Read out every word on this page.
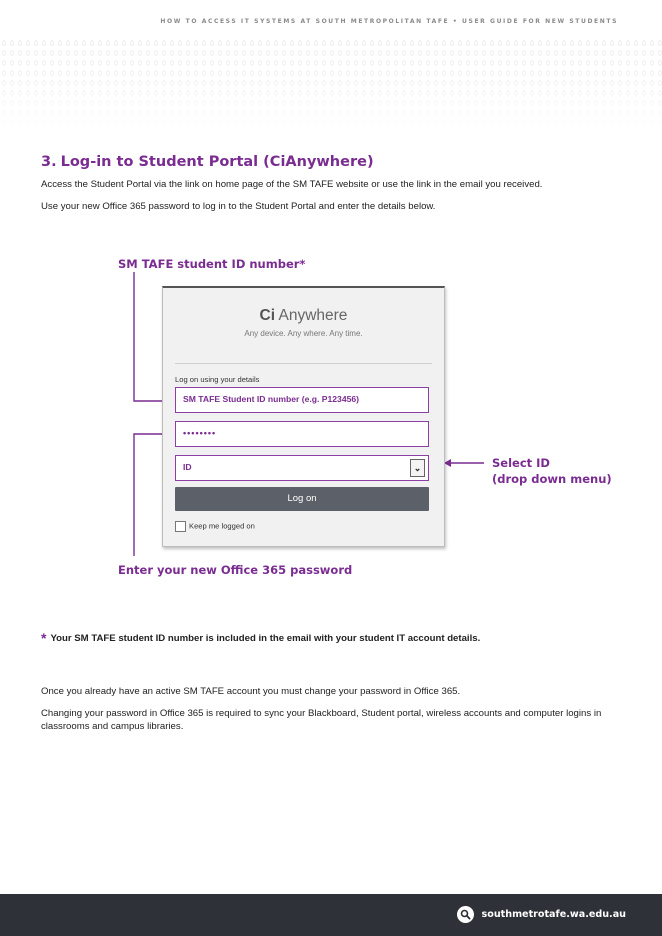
HOW TO ACCESS IT SYSTEMS AT SOUTH METROPOLITAN TAFE • USER GUIDE FOR NEW STUDENTS
3. Log-in to Student Portal (CiAnywhere)

Access the Student Portal via the link on home page of the SM TAFE website or use the link in the email you received.

Use your new Office 365 password to log in to the Student Portal and enter the details below.

SM TAFE student ID number*
Ci Anywhere
Any device. Any where. Any time.
Log on using your details
SM TAFE Student ID number (e.g. P123456)
••••••••
ID	⌄
Log on
Keep me logged on
Select ID
(drop down menu)
Enter your new Office 365 password

* Your SM TAFE student ID number is included in the email with your student IT account details.

Once you already have an active SM TAFE account you must change your password in Office 365.

Changing your password in Office 365 is required to sync your Blackboard, Student portal, wireless accounts and computer logins in classrooms and campus libraries.

southmetrotafe.wa.edu.au
